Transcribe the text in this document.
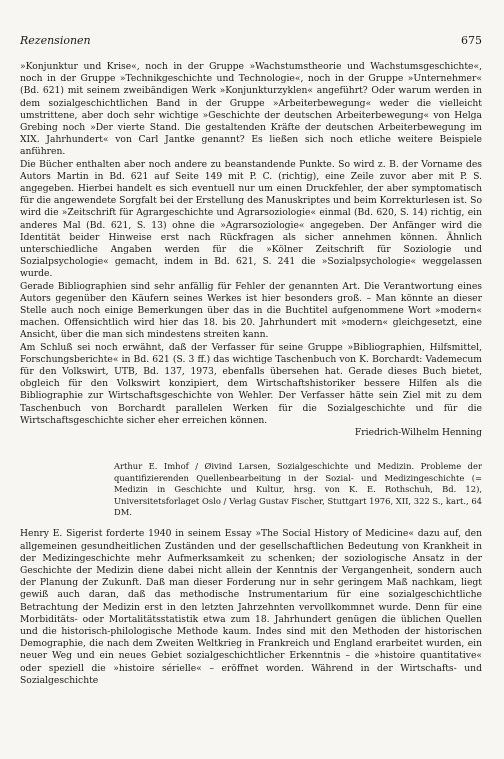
Rezensionen	675

»Konjunktur und Krise«, noch in der Gruppe »Wachstumstheorie und Wachstumsgeschichte«, noch in der Gruppe »Technikgeschichte und Technologie«, noch in der Gruppe »Unternehmer« (Bd. 621) mit seinem zweibändigen Werk »Konjunkturzyklen« angeführt? Oder warum werden in dem sozialgeschichtlichen Band in der Gruppe »Arbeiterbewegung« weder die vielleicht umstrittene, aber doch sehr wichtige »Geschichte der deutschen Arbeiterbewegung« von Helga Grebing noch »Der vierte Stand. Die gestaltenden Kräfte der deutschen Arbeiterbewegung im XIX. Jahrhundert« von Carl Jantke genannt? Es ließen sich noch etliche weitere Beispiele anführen.

Die Bücher enthalten aber noch andere zu beanstandende Punkte. So wird z. B. der Vorname des Autors Martin in Bd. 621 auf Seite 149 mit P. C. (richtig), eine Zeile zuvor aber mit P. S. angegeben. Hierbei handelt es sich eventuell nur um einen Druckfehler, der aber symptomatisch für die angewendete Sorgfalt bei der Erstellung des Manuskriptes und beim Korrekturlesen ist. So wird die »Zeitschrift für Agrargeschichte und Agrarsoziologie« einmal (Bd. 620, S. 14) richtig, ein anderes Mal (Bd. 621, S. 13) ohne die »Agrarsoziologie« angegeben. Der Anfänger wird die Identität beider Hinweise erst nach Rückfragen als sicher annehmen können. Ähnlich unterschiedliche Angaben werden für die »Kölner Zeitschrift für Soziologie und Sozialpsychologie« gemacht, indem in Bd. 621, S. 241 die »Sozialpsychologie« weggelassen wurde.

Gerade Bibliographien sind sehr anfällig für Fehler der genannten Art. Die Verantwortung eines Autors gegenüber den Käufern seines Werkes ist hier besonders groß. – Man könnte an dieser Stelle auch noch einige Bemerkungen über das in die Buchtitel aufgenommene Wort »modern« machen. Offensichtlich wird hier das 18. bis 20. Jahrhundert mit »modern« gleichgesetzt, eine Ansicht, über die man sich mindestens streiten kann.

Am Schluß sei noch erwähnt, daß der Verfasser für seine Gruppe »Bibliographien, Hilfsmittel, Forschungsberichte« in Bd. 621 (S. 3 ff.) das wichtige Taschenbuch von K. Borchardt: Vademecum für den Volkswirt, UTB, Bd. 137, 1973, ebenfalls übersehen hat. Gerade dieses Buch bietet, obgleich für den Volkswirt konzipiert, dem Wirtschaftshistoriker bessere Hilfen als die Bibliographie zur Wirtschaftsgeschichte von Wehler. Der Verfasser hätte sein Ziel mit zu dem Taschenbuch von Borchardt parallelen Werken für die Sozialgeschichte und für die Wirtschaftsgeschichte sicher eher erreichen können.

Friedrich-Wilhelm Henning

Arthur E. Imhof / Øivind Larsen, Sozialgeschichte und Medizin. Probleme der quantifizierenden Quellenbearbeitung in der Sozial- und Medizingeschichte (= Medizin in Geschichte und Kultur, hrsg. von K. E. Rothschuh, Bd. 12), Universitetsforlaget Oslo / Verlag Gustav Fischer, Stuttgart 1976, XII, 322 S., kart., 64 DM.

Henry E. Sigerist forderte 1940 in seinem Essay »The Social History of Medicine« dazu auf, den allgemeinen gesundheitlichen Zuständen und der gesellschaftlichen Bedeutung von Krankheit in der Medizingeschichte mehr Aufmerksamkeit zu schenken; der soziologische Ansatz in der Geschichte der Medizin diene dabei nicht allein der Kenntnis der Vergangenheit, sondern auch der Planung der Zukunft. Daß man dieser Forderung nur in sehr geringem Maß nachkam, liegt gewiß auch daran, daß das methodische Instrumentarium für eine sozialgeschichtliche Betrachtung der Medizin erst in den letzten Jahrzehnten vervollkommnet wurde. Denn für eine Morbiditäts- oder Mortalitätsstatistik etwa zum 18. Jahrhundert genügen die üblichen Quellen und die historisch-philologische Methode kaum. Indes sind mit den Methoden der historischen Demographie, die nach dem Zweiten Weltkrieg in Frankreich und England erarbeitet wurden, ein neuer Weg und ein neues Gebiet sozialgeschichtlicher Erkenntnis – die »histoire quantitative« oder speziell die »histoire sérielle« – eröffnet worden. Während in der Wirtschafts- und Sozialgeschichte
